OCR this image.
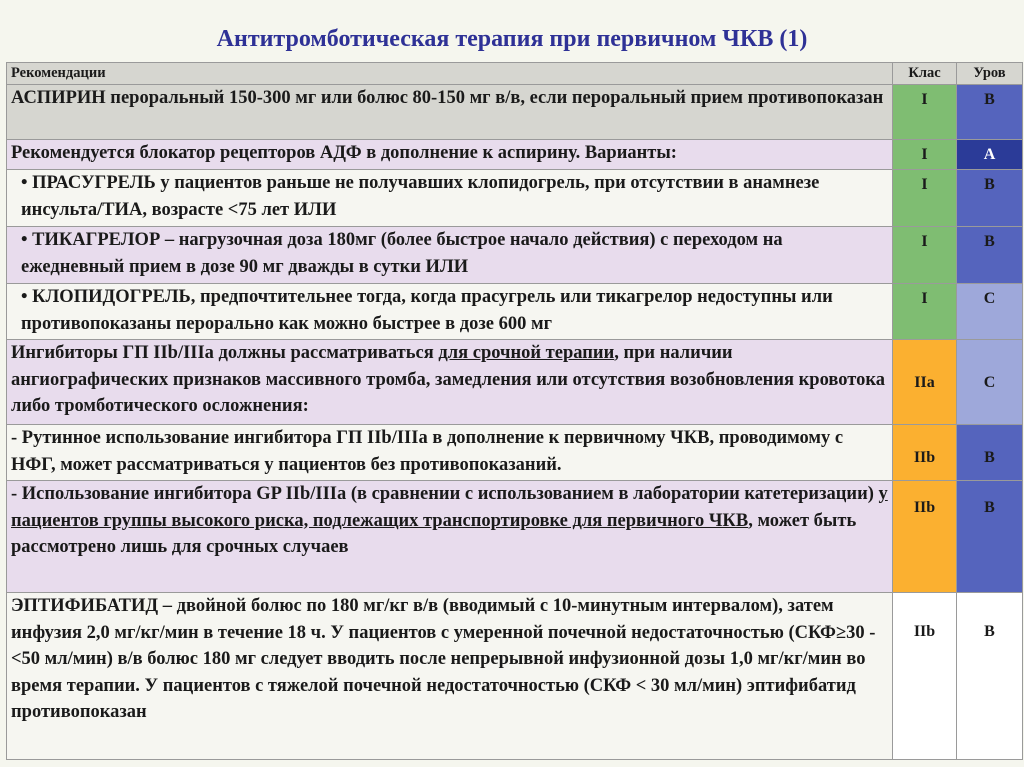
Антитромботическая терапия при первичном ЧКВ (1)
Рекомендации	Клас	Уров
АСПИРИН пероральный 150-300 мг или болюс 80-150 мг в/в, если пероральный прием противопоказан	I	B
Рекомендуется блокатор рецепторов АДФ в дополнение к аспирину. Варианты:	I	A
• ПРАСУГРЕЛЬ у пациентов раньше не получавших клопидогрель, при отсутствии в анамнезе инсульта/ТИА, возрасте <75 лет ИЛИ	I	B
• ТИКАГРЕЛОР – нагрузочная доза 180мг (более быстрое начало действия) с переходом на ежедневный прием в дозе 90 мг дважды в сутки ИЛИ	I	B
• КЛОПИДОГРЕЛЬ, предпочтительнее тогда, когда прасугрель или тикагрелор недоступны или противопоказаны перорально как можно быстрее в дозе 600 мг	I	C
Ингибиторы ГП IIb/IIIa должны рассматриваться для срочной терапии, при наличии ангиографических признаков массивного тромба, замедления или отсутствия возобновления кровотока либо тромботического осложнения:	IIa	C
- Рутинное использование ингибитора ГП IIb/IIIa в дополнение к первичному ЧКВ, проводимому с НФГ, может рассматриваться у пациентов без противопоказаний.	IIb	B
- Использование ингибитора GP IIb/IIIa (в сравнении с использованием в лаборатории катетеризации) у пациентов группы высокого риска, подлежащих транспортировке для первичного ЧКВ, может быть рассмотрено лишь для срочных случаев	IIb	B
ЭПТИФИБАТИД – двойной болюс по 180 мг/кг в/в (вводимый с 10-минутным интервалом), затем инфузия 2,0 мг/кг/мин в течение 18 ч. У пациентов с умеренной почечной недостаточностью (СКФ≥30 - <50 мл/мин) в/в болюс 180 мг следует вводить после непрерывной инфузионной дозы 1,0 мг/кг/мин во время терапии. У пациентов с тяжелой почечной недостаточностью (СКФ < 30 мл/мин) эптифибатид противопоказан	IIb	B
